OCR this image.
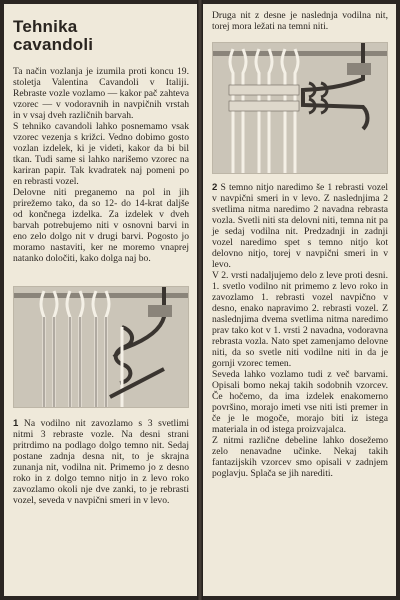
Tehnika
cavandoli

Ta način vozlanja je izumila proti koncu 19. stoletja Valentina Cavandoli v Italiji. Rebraste vozle vozlamo — kakor pač zahteva vzorec — v vodoravnih in navpičnih vrstah in v vsaj dveh različnih barvah.

S tehniko cavandoli lahko posnemamo vsak vzorec vezenja s križci. Vedno dobimo gosto vozlan izdelek, ki je videti, kakor da bi bil tkan. Tudi same si lahko narišemo vzorec na kariran papir. Tak kvadratek naj pomeni po en rebrasti vozel.

Delovne niti preganemo na pol in jih prirežemo tako, da so 12- do 14-krat daljše od končnega izdelka. Za izdelek v dveh barvah potrebujemo niti v osnovni barvi in eno zelo dolgo nit v drugi barvi. Pogosto jo moramo nastaviti, ker ne moremo vnaprej natanko določiti, kako dolga naj bo.

1 Na vodilno nit zavozlamo s 3 svetlimi nitmi 3 rebraste vozle. Na desni strani pritrdimo na podlago dolgo temno nit. Sedaj postane zadnja desna nit, to je skrajna zunanja nit, vodilna nit. Primemo jo z desno roko in z dolgo temno nitjo in z levo roko zavozlamo okoli nje dve zanki, to je rebrasti vozel, seveda v navpični smeri in v levo.

Druga nit z desne je naslednja vodilna nit, torej mora ležati na temni niti.

2 S temno nitjo naredimo še 1 rebrasti vozel v navpični smeri in v levo. Z naslednjima 2 svetlima nitma naredimo 2 navadna rebrasta vozla. Svetli niti sta delovni niti, temna nit pa je sedaj vodilna nit. Predzadnji in zadnji vozel naredimo spet s temno nitjo kot delovno nitjo, torej v navpični smeri in v levo.

V 2. vrsti nadaljujemo delo z leve proti desni. 1. svetlo vodilno nit primemo z levo roko in zavozlamo 1. rebrasti vozel navpično v desno, enako napravimo 2. rebrasti vozel. Z naslednjima dvema svetlima nitma naredimo prav tako kot v 1. vrsti 2 navadna, vodoravna rebrasta vozla. Nato spet zamenjamo delovne niti, da so svetle niti vodilne niti in da je gornji vzorec temen.

Seveda lahko vozlamo tudi z več barvami. Opisali bomo nekaj takih sodobnih vzorcev. Če hočemo, da ima izdelek enakomerno površino, morajo imeti vse niti isti premer in če je le mogoče, morajo biti iz istega materiala in od istega proizvajalca.

Z nitmi različne debeline lahko dosežemo zelo nenavadne učinke. Nekaj takih fantazijskih vzorcev smo opisali v zadnjem poglavju. Splača se jih narediti.
